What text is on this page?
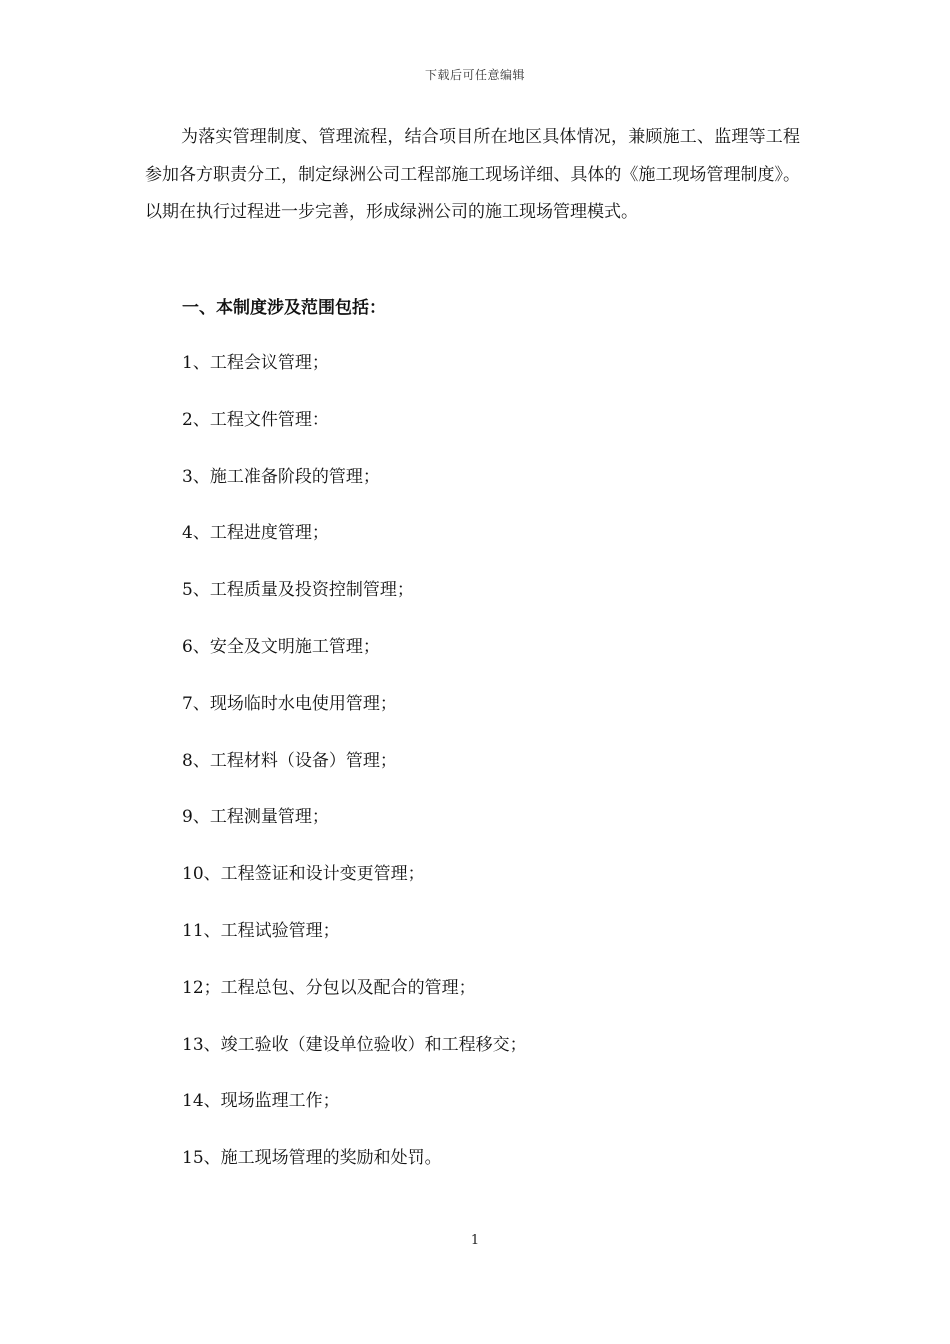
下载后可任意编辑

为落实管理制度、管理流程，结合项目所在地区具体情况，兼顾施工、监理等工程参加各方职责分工，制定绿洲公司工程部施工现场详细、具体的《施工现场管理制度》。以期在执行过程进一步完善，形成绿洲公司的施工现场管理模式。

一、本制度涉及范围包括：
1、工程会议管理；
2、工程文件管理：
3、施工准备阶段的管理；
4、工程进度管理；
5、工程质量及投资控制管理；
6、安全及文明施工管理；
7、现场临时水电使用管理；
8、工程材料（设备）管理；
9、工程测量管理；
10、工程签证和设计变更管理；
11、工程试验管理；
12；工程总包、分包以及配合的管理；
13、竣工验收（建设单位验收）和工程移交；
14、现场监理工作；
15、施工现场管理的奖励和处罚。
1
